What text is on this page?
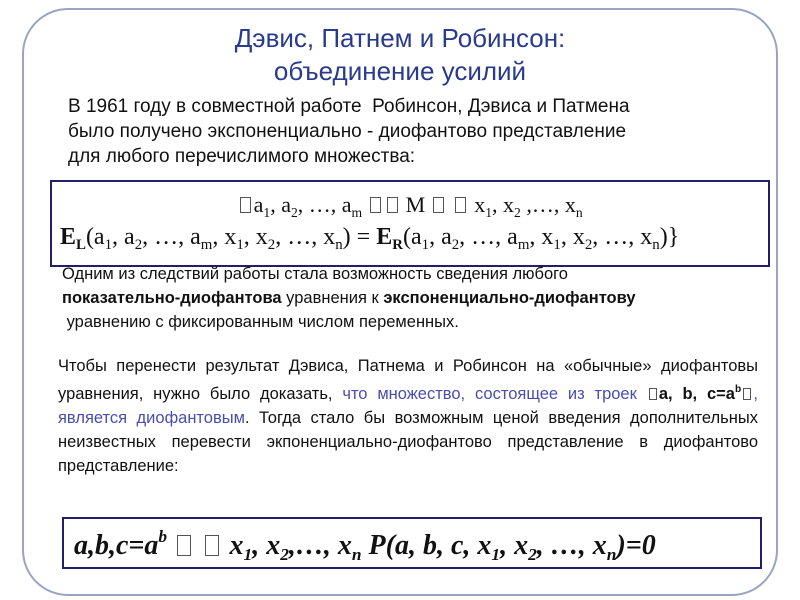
Дэвис, Патнем и Робинсон:
объединение усилий
В 1961 году в совместной работе  Робинсон, Дэвиса и Патмена
было получено экспоненциально - диофантово представление
для любого перечислимого множества:
$a_1$, $a_2$, …, $a_m$  M   $x_1$, $x_2$ ,…, $x_n$
$E_L(a_1$, $a_2$, …, $a_m$, $x_1$, $x_2$, …, $x_n) = E_R(a_1$, $a_2$, …, $a_m$, $x_1$, $x_2$, …, $x_n$)}
Одним из следствий работы стала возможность сведения любого
показательно-диофантова уравнения к экспоненциально-диофантову
уравнению с фиксированным числом переменных.
Чтобы перенести результат Дэвиса, Патнема и Робинсон на «обычные» диофантовы уравнения, нужно было доказать, что множество, состоящее из троек a, b, $c=a^b$ , является диофантовым. Тогда стало бы возможным ценой введения дополнительных неизвестных перевести экпоненциально-диофантово представление в диофантово представление:
$a,b,c=a^b$   $x_1$, $x_2,\dots$, $x_n$ P(a, b, c, $x_1$, $x_2$, …, $x_n)=0$
